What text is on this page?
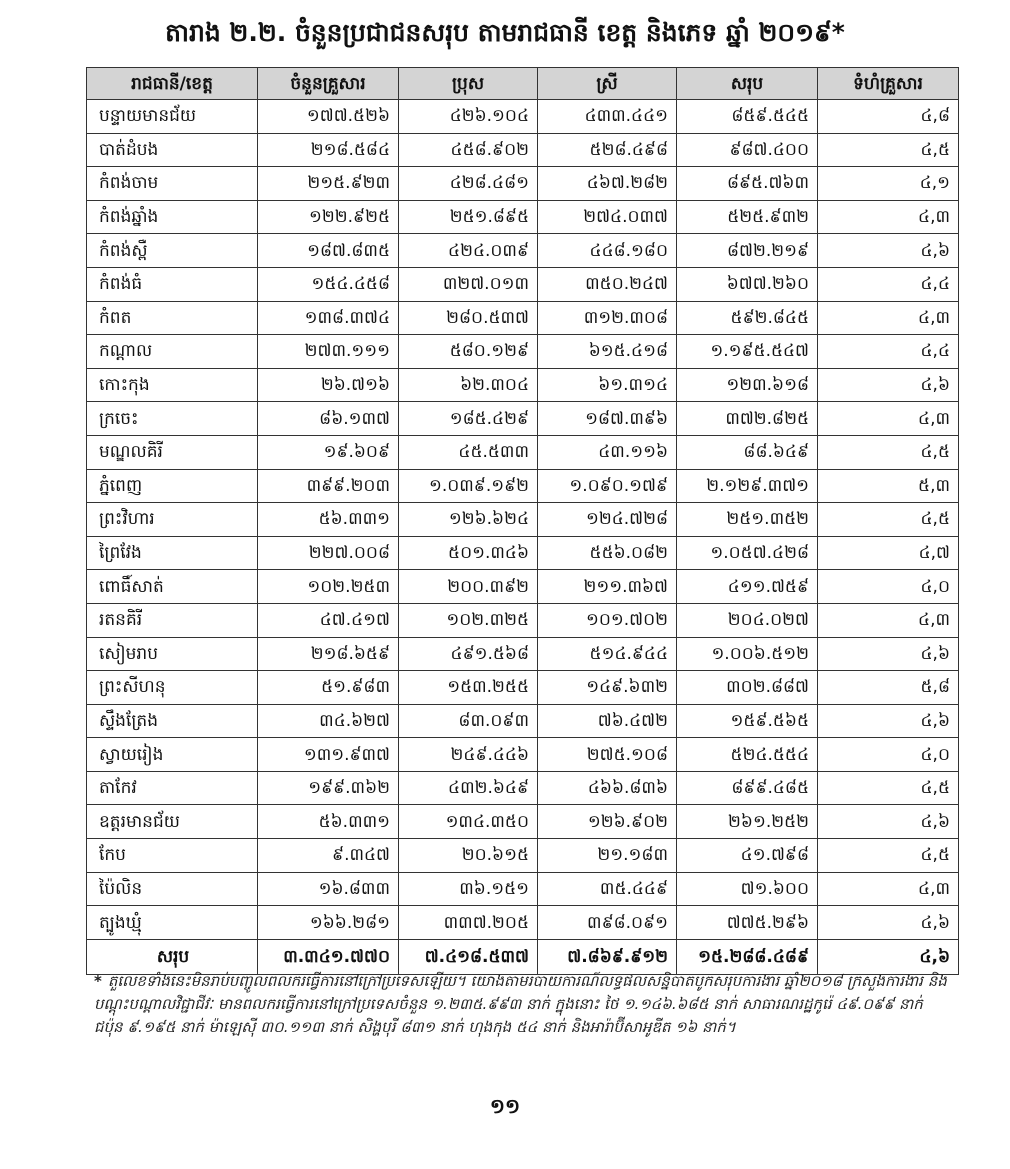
តារាង ២.២. ចំនួនប្រជាជនសរុប តាមរាជធានី ខេត្ត និងភេទ ឆ្នាំ ២០១៩*
រាជធានី/ខេត្ត	ចំនួនគ្រួសារ	ប្រុស	ស្រី	សរុប	ទំហំគ្រួសារ
បន្ទាយមានជ័យ	១៧៧.៥២៦	៤២៦.១០៤	៤៣៣.៤៤១	៨៥៩.៥៤៥	៤,៨
បាត់ដំបង	២១៨.៥៨៤	៤៥៨.៩០២	៥២៨.៤៩៨	៩៨៧.៤០០	៤,៥
កំពង់ចាម	២១៥.៩២៣	៤២៨.៤៨១	៤៦៧.២៨២	៨៩៥.៧៦៣	៤,១
កំពង់ឆ្នាំង	១២២.៩២៥	២៥១.៨៩៥	២៧៤.០៣៧	៥២៥.៩៣២	៤,៣
កំពង់ស្ពឺ	១៨៧.៨៣៥	៤២៤.០៣៩	៤៤៨.១៨០	៨៧២.២១៩	៤,៦
កំពង់ធំ	១៥៤.៤៥៨	៣២៧.០១៣	៣៥០.២៤៧	៦៧៧.២៦០	៤,៤
កំពត	១៣៨.៣៧៤	២៨០.៥៣៧	៣១២.៣០៨	៥៩២.៨៤៥	៤,៣
កណ្តាល	២៧៣.១១១	៥៨០.១២៩	៦១៥.៤១៨	១.១៩៥.៥៤៧	៤,៤
កោះកុង	២៦.៧១៦	៦២.៣០៤	៦១.៣១៤	១២៣.៦១៨	៤,៦
ក្រចេះ	៨៦.១៣៧	១៨៥.៤២៩	១៨៧.៣៩៦	៣៧២.៨២៥	៤,៣
មណ្ឌលគិរី	១៩.៦០៩	៤៥.៥៣៣	៤៣.១១៦	៨៨.៦៤៩	៤,៥
ភ្នំពេញ	៣៩៩.២០៣	១.០៣៩.១៩២	១.០៩០.១៧៩	២.១២៩.៣៧១	៥,៣
ព្រះវិហារ	៥៦.៣៣១	១២៦.៦២៤	១២៤.៧២៨	២៥១.៣៥២	៤,៥
ព្រៃវែង	២២៧.០០៨	៥០១.៣៤៦	៥៥៦.០៨២	១.០៥៧.៤២៨	៤,៧
ពោធិ៍សាត់	១០២.២៥៣	២០០.៣៩២	២១១.៣៦៧	៤១១.៧៥៩	៤,០
រតនគិរី	៤៧.៤១៧	១០២.៣២៥	១០១.៧០២	២០៤.០២៧	៤,៣
សៀមរាប	២១៨.៦៥៩	៤៩១.៥៦៨	៥១៤.៩៤៤	១.០០៦.៥១២	៤,៦
ព្រះសីហនុ	៥១.៩៨៣	១៥៣.២៥៥	១៤៩.៦៣២	៣០២.៨៨៧	៥,៨
ស្ទឹងត្រែង	៣៤.៦២៧	៨៣.០៩៣	៧៦.៤៧២	១៥៩.៥៦៥	៤,៦
ស្វាយរៀង	១៣១.៩៣៧	២៤៩.៤៤៦	២៧៥.១០៨	៥២៤.៥៥៤	៤,០
តាកែវ	១៩៩.៣៦២	៤៣២.៦៤៩	៤៦៦.៨៣៦	៨៩៩.៤៨៥	៤,៥
ឧត្តរមានជ័យ	៥៦.៣៣១	១៣៤.៣៥០	១២៦.៩០២	២៦១.២៥២	៤,៦
កែប	៩.៣៤៧	២០.៦១៥	២១.១៨៣	៤១.៧៩៨	៤,៥
ប៉ៃលិន	១៦.៨៣៣	៣៦.១៥១	៣៥.៤៤៩	៧១.៦០០	៤,៣
ត្បូងឃ្មុំ	១៦៦.២៨១	៣៣៧.២០៥	៣៩៨.០៩១	៧៧៥.២៩៦	៤,៦
សរុប	៣.៣៤១.៧៧០	៧.៤១៨.៥៣៧	៧.៨៦៩.៩១២	១៥.២៨៨.៤៨៩	៤,៦
* តួលេខទាំងនេះមិនរាប់បញ្ចូលពលករធ្វើការនៅក្រៅប្រទេសឡើយ។ យោងតាមរបាយការណ៍លទ្ធផលសន្និបាតបូកសរុបការងារ ឆ្នាំ២០១៨ ក្រសួងការងារ និងបណ្តុះបណ្តាលវិជ្ជាជីវៈ មានពលករធ្វើការនៅក្រៅប្រទេសចំនួន ១.២៣៥.៩៩៣ នាក់ ក្នុងនោះ ថៃ ១.១៤៦.៦៨៥ នាក់ សាធារណរដ្ឋកូរ៉េ ៤៩.០៩៩ នាក់ ជប៉ុន ៩.១៩៥ នាក់ ម៉ាឡេស៊ី ៣០.១១៣ នាក់ សិង្ហបុរី ៨៣១ នាក់ ហុងកុង ៥៤ នាក់ និងអារ៉ាប៊ីសាអូឌីត ១៦ នាក់។
១១
